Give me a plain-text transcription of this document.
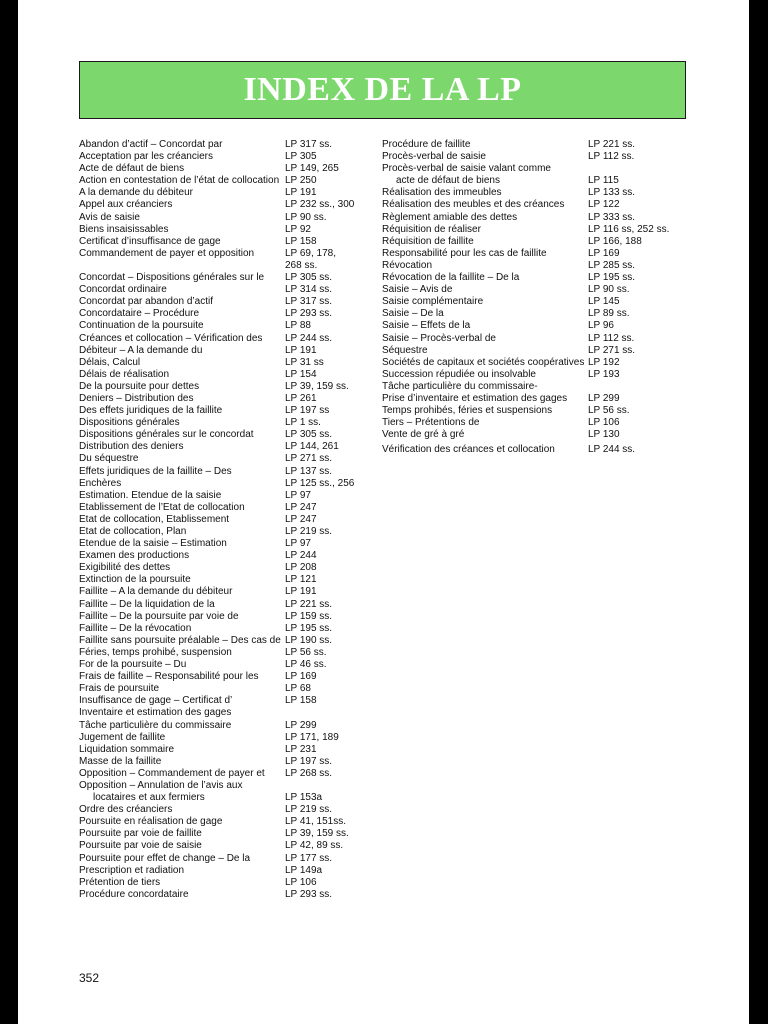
INDEX DE LA LP
Abandon d’actif – Concordat par	LP 317 ss.
Acceptation par les créanciers	LP 305
Acte de défaut de biens	LP 149, 265
Action en contestation de l’état de collocation LP 250
A la demande du débiteur	LP 191
Appel aux créanciers	LP 232 ss., 300
Avis de saisie	LP 90 ss.
Biens insaisissables	LP 92
Certificat d’insuffisance de gage	LP 158
Commandement de payer et opposition	LP 69, 178,
268 ss.
Concordat – Dispositions générales sur le	LP 305 ss.
Concordat ordinaire	LP 314 ss.
Concordat par abandon d’actif	LP 317 ss.
Concordataire – Procédure	LP 293 ss.
Continuation de la poursuite	LP 88
Créances et collocation – Vérification des	LP 244 ss.
Débiteur – A la demande du	LP 191
Délais, Calcul	LP 31 ss
Délais de réalisation	LP 154
De la poursuite pour dettes	LP 39, 159 ss.
Deniers – Distribution des	LP 261
Des effets juridiques de la faillite	LP 197 ss
Dispositions générales	LP 1 ss.
Dispositions générales sur le concordat	LP 305 ss.
Distribution des deniers	LP 144, 261
Du séquestre	LP 271 ss.
Effets juridiques de la faillite – Des	LP 137 ss.
Enchères	LP 125 ss., 256
Estimation. Etendue de la saisie	LP 97
Etablissement de l’Etat de collocation	LP 247
Etat de collocation, Etablissement	LP 247
Etat de collocation, Plan	LP 219 ss.
Etendue de la saisie – Estimation	LP 97
Examen des productions	LP 244
Exigibilité des dettes	LP 208
Extinction de la poursuite	LP 121
Faillite – A la demande du débiteur	LP 191
Faillite – De la liquidation de la	LP 221 ss.
Faillite – De la poursuite par voie de	LP 159 ss.
Faillite – De la révocation	LP 195 ss.
Faillite sans poursuite préalable – Des cas de LP 190 ss.
Féries, temps prohibé, suspension	LP 56 ss.
For de la poursuite – Du	LP 46 ss.
Frais de faillite – Responsabilité pour les	LP 169
Frais de poursuite	LP 68
Insuffisance de gage – Certificat d’	LP 158
Inventaire et estimation des gages
Tâche particulière du commissaire	LP 299
Jugement de faillite	LP 171, 189
Liquidation sommaire	LP 231
Masse de la faillite	LP 197 ss.
Opposition – Commandement de payer et	LP 268 ss.
Opposition – Annulation de l’avis aux
locataires et aux fermiers	LP 153a
Ordre des créanciers	LP 219 ss.
Poursuite en réalisation de gage	LP 41, 151ss.
Poursuite par voie de faillite	LP 39, 159 ss.
Poursuite par voie de saisie	LP 42, 89 ss.
Poursuite pour effet de change – De la	LP 177 ss.
Prescription et radiation	LP 149a
Prétention de tiers	LP 106
Procédure concordataire	LP 293 ss.
Procédure de faillite	LP 221 ss.
Procès-verbal de saisie	LP 112 ss.
Procès-verbal de saisie valant comme
acte de défaut de biens	LP 115
Réalisation des immeubles	LP 133 ss.
Réalisation des meubles et des créances	LP 122
Règlement amiable des dettes	LP 333 ss.
Réquisition de réaliser	LP 116 ss, 252 ss.
Réquisition de faillite	LP 166, 188
Responsabilité pour les cas de faillite	LP 169
Révocation	LP 285 ss.
Révocation de la faillite – De la	LP 195 ss.
Saisie – Avis de	LP 90 ss.
Saisie complémentaire	LP 145
Saisie – De la	LP 89 ss.
Saisie – Effets de la	LP 96
Saisie – Procès-verbal de	LP 112 ss.
Séquestre	LP 271 ss.
Sociétés de capitaux et sociétés coopératives LP 192
Succession répudiée ou insolvable	LP 193
Tâche particulière du commissaire-
Prise d’inventaire et estimation des gages	LP 299
Temps prohibés, féries et suspensions	LP 56 ss.
Tiers – Prétentions de	LP 106
Vente de gré à gré	LP 130
Vérification des créances et collocation	LP 244 ss.
352
